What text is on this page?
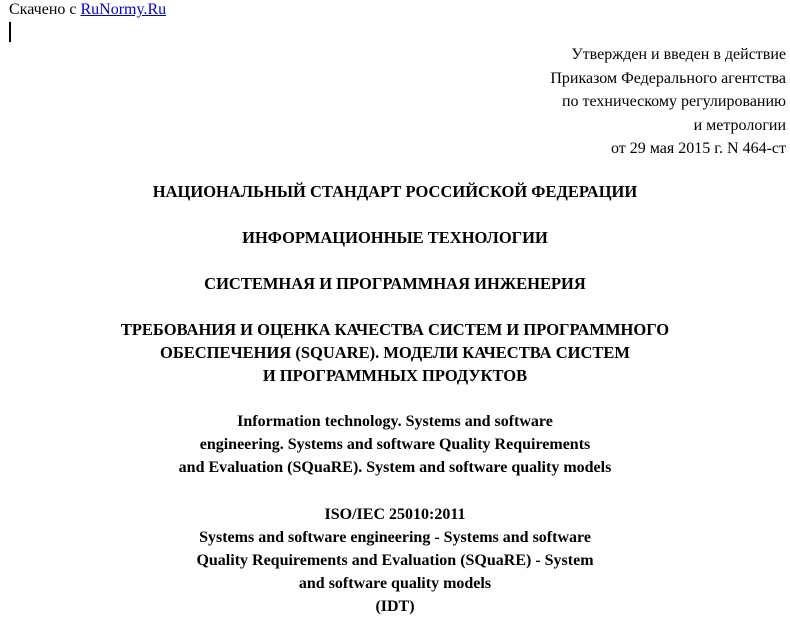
Скачено с RuNormy.Ru
Утвержден и введен в действие
Приказом Федерального агентства
по техническому регулированию
и метрологии
от 29 мая 2015 г. N 464-ст
НАЦИОНАЛЬНЫЙ СТАНДАРТ РОССИЙСКОЙ ФЕДЕРАЦИИ
ИНФОРМАЦИОННЫЕ ТЕХНОЛОГИИ
СИСТЕМНАЯ И ПРОГРАММНАЯ ИНЖЕНЕРИЯ
ТРЕБОВАНИЯ И ОЦЕНКА КАЧЕСТВА СИСТЕМ И ПРОГРАММНОГО
ОБЕСПЕЧЕНИЯ (SQUARE). МОДЕЛИ КАЧЕСТВА СИСТЕМ
И ПРОГРАММНЫХ ПРОДУКТОВ
Information technology. Systems and software
engineering. Systems and software Quality Requirements
and Evaluation (SQuaRE). System and software quality models
ISO/IEC 25010:2011
Systems and software engineering - Systems and software
Quality Requirements and Evaluation (SQuaRE) - System
and software quality models
(IDT)
